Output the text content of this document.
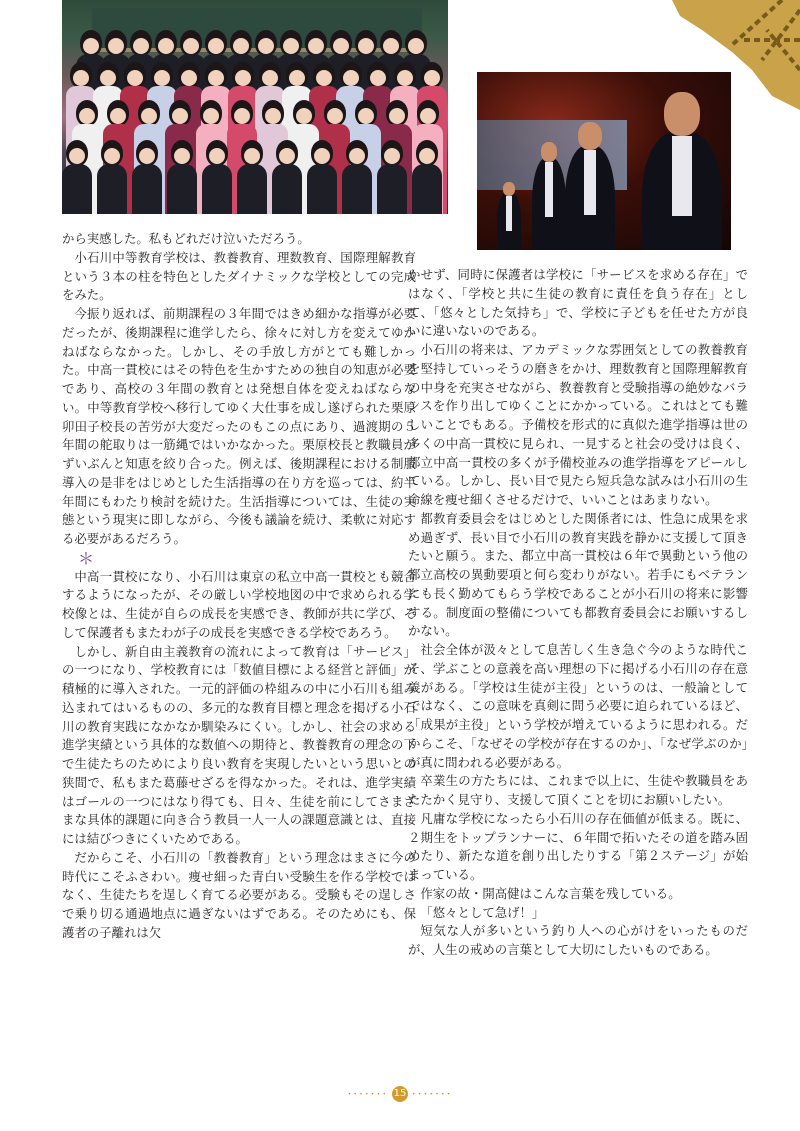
から実感した。私もどれだけ泣いただろう。

小石川中等教育学校は、教養教育、理数教育、国際理解教育という３本の柱を特色としたダイナミックな学校としての完成をみた。

今振り返れば、前期課程の３年間ではきめ細かな指導が必要だったが、後期課程に進学したら、徐々に対し方を変えてゆかねばならなかった。しかし、その手放し方がとても難しかった。中高一貫校にはその特色を生かすための独自の知恵が必要であり、高校の３年間の教育とは発想自体を変えねばならない。中等教育学校へ移行してゆく大仕事を成し遂げられた栗原卯田子校長の苦労が大変だったのもこの点にあり、過渡期の５年間の舵取りは一筋縄ではいかなかった。栗原校長と教職員がずいぶんと知恵を絞り合った。例えば、後期課程における制服導入の是非をはじめとした生活指導の在り方を巡っては、約半年間にもわたり検討を続けた。生活指導については、生徒の実態という現実に即しながら、今後も議論を続け、柔軟に対応する必要があるだろう。

＊

中高一貫校になり、小石川は東京の私立中高一貫校とも競合するようになったが、その厳しい学校地図の中で求められる学校像とは、生徒が自らの成長を実感でき、教師が共に学び、そして保護者もまたわが子の成長を実感できる学校であろう。

しかし、新自由主義教育の流れによって教育は「サービス」の一つになり、学校教育には「数値目標による経営と評価」が積極的に導入された。一元的評価の枠組みの中に小石川も組み込まれてはいるものの、多元的な教育目標と理念を掲げる小石川の教育実践になかなか馴染みにくい。しかし、社会の求める進学実績という具体的な数値への期待と、教養教育の理念の下で生徒たちのためにより良い教育を実現したいという思いとの狭間で、私もまた葛藤せざるを得なかった。それは、進学実績はゴールの一つにはなり得ても、日々、生徒を前にしてさまざまな具体的課題に向き合う教員一人一人の課題意識とは、直接には結びつきにくいためである。

だからこそ、小石川の「教養教育」という理念はまさに今の時代にこそふさわい。痩せ細った青白い受験生を作る学校ではなく、生徒たちを逞しく育てる必要がある。受験もその逞しさで乗り切る通過地点に過ぎないはずである。そのためにも、保護者の子離れは欠

かせず、同時に保護者は学校に「サービスを求める存在」ではなく、「学校と共に生徒の教育に責任を負う存在」として、「悠々とした気持ち」で、学校に子どもを任せた方が良いに違いないのである。

小石川の将来は、アカデミックな雰囲気としての教養教育を堅持していっそうの磨きをかけ、理数教育と国際理解教育の中身を充実させながら、教養教育と受験指導の絶妙なバランスを作り出してゆくことにかかっている。これはとても難しいことでもある。予備校を形式的に真似た進学指導は世の多くの中高一貫校に見られ、一見すると社会の受けは良く、都立中高一貫校の多くが予備校並みの進学指導をアピールしている。しかし、長い目で見たら短兵急な試みは小石川の生命線を痩せ細くさせるだけで、いいことはあまりない。

都教育委員会をはじめとした関係者には、性急に成果を求め過ぎず、長い目で小石川の教育実践を静かに支援して頂きたいと願う。また、都立中高一貫校は６年で異動という他の都立高校の異動要項と何ら変わりがない。若手にもベテランにも長く勤めてもらう学校であることが小石川の将来に影響する。制度面の整備についても都教育委員会にお願いするしかない。

社会全体が汲々として息苦しく生き急ぐ今のような時代こそ、学ぶことの意義を高い理想の下に掲げる小石川の存在意義がある。「学校は生徒が主役」というのは、一般論としてではなく、この意味を真剣に問う必要に迫られているほど、「成果が主役」という学校が増えているように思われる。だからこそ、「なぜその学校が存在するのか」、「なぜ学ぶのか」が真に問われる必要がある。

卒業生の方たちには、これまで以上に、生徒や教職員をあたたかく見守り、支援して頂くことを切にお願いしたい。

凡庸な学校になったら小石川の存在価値が低まる。既に、２期生をトップランナーに、６年間で拓いたその道を踏み固めたり、新たな道を創り出したりする「第２ステージ」が始まっている。

作家の故・開高健はこんな言葉を残している。

「悠々として急げ！」

短気な人が多いという釣り人への心がけをいったものだが、人生の戒めの言葉として大切にしたいものである。

······· 15 ·······
